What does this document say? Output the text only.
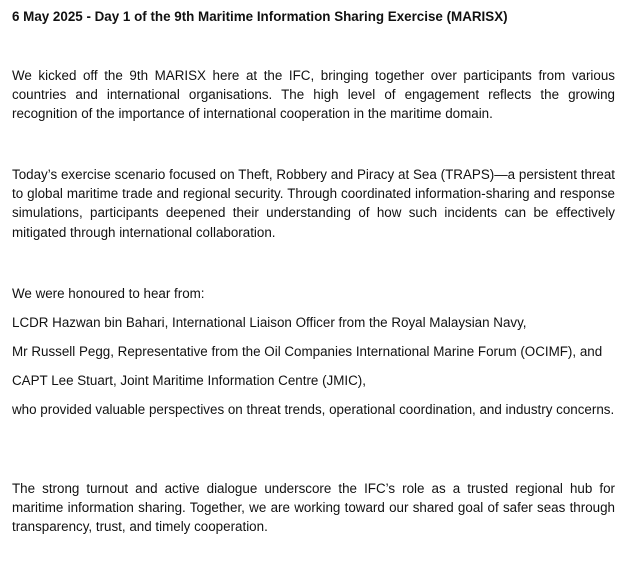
6 May 2025 - Day 1 of the 9th Maritime Information Sharing Exercise (MARISX)

We kicked off the 9th MARISX here at the IFC, bringing together over participants from various countries and international organisations. The high level of engagement reflects the growing recognition of the importance of international cooperation in the maritime domain.

Today’s exercise scenario focused on Theft, Robbery and Piracy at Sea (TRAPS)—a persistent threat to global maritime trade and regional security. Through coordinated information-sharing and response simulations, participants deepened their understanding of how such incidents can be effectively mitigated through international collaboration.

We were honoured to hear from:

LCDR Hazwan bin Bahari, International Liaison Officer from the Royal Malaysian Navy,

Mr Russell Pegg, Representative from the Oil Companies International Marine Forum (OCIMF), and

CAPT Lee Stuart, Joint Maritime Information Centre (JMIC),

who provided valuable perspectives on threat trends, operational coordination, and industry concerns.

The strong turnout and active dialogue underscore the IFC’s role as a trusted regional hub for maritime information sharing. Together, we are working toward our shared goal of safer seas through transparency, trust, and timely cooperation.
